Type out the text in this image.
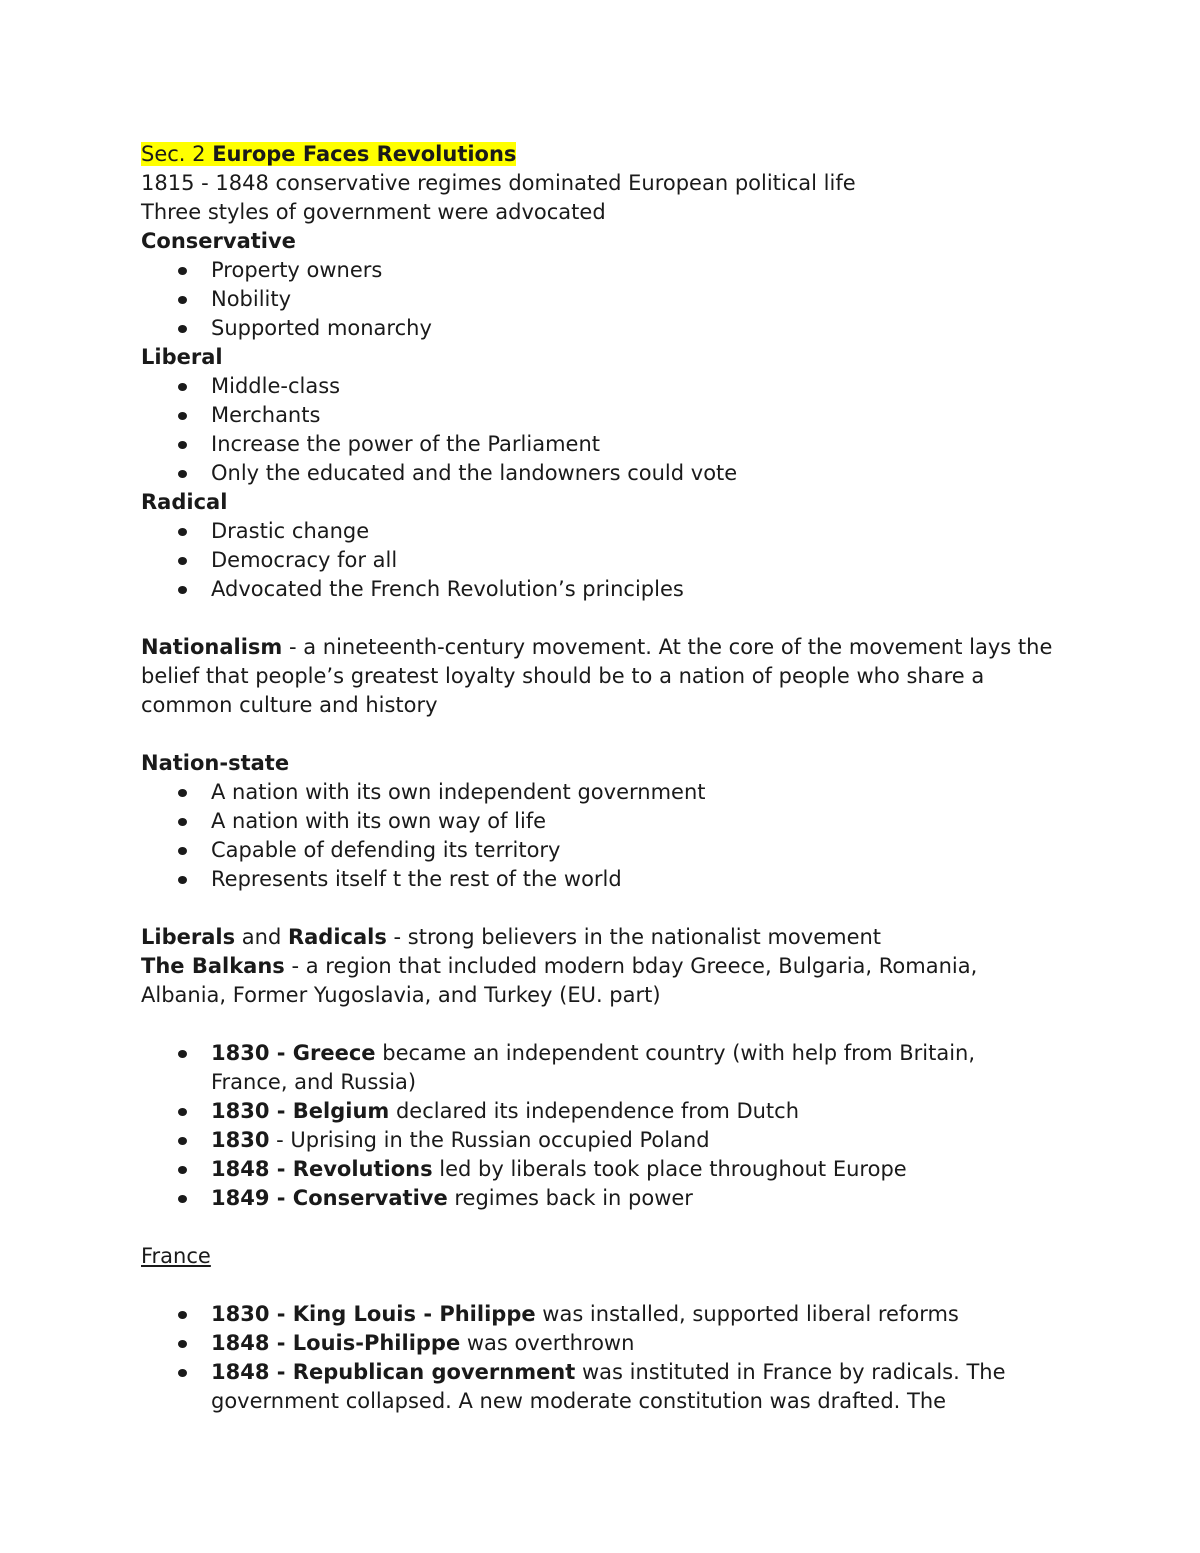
Sec. 2 Europe Faces Revolutions
1815 - 1848 conservative regimes dominated European political life
Three styles of government were advocated
Conservative
Property owners
Nobility
Supported monarchy
Liberal
Middle-class
Merchants
Increase the power of the Parliament
Only the educated and the landowners could vote
Radical
Drastic change
Democracy for all
Advocated the French Revolution’s principles
Nationalism - a nineteenth-century movement. At the core of the movement lays the belief that people’s greatest loyalty should be to a nation of people who share a common culture and history
Nation-state
A nation with its own independent government
A nation with its own way of life
Capable of defending its territory
Represents itself t the rest of the world
Liberals and Radicals - strong believers in the nationalist movement
The Balkans - a region that included modern bday Greece, Bulgaria, Romania, Albania, Former Yugoslavia, and Turkey (EU. part)
1830 - Greece became an independent country (with help from Britain, France, and Russia)
1830 - Belgium declared its independence from Dutch
1830 - Uprising in the Russian occupied Poland
1848 - Revolutions led by liberals took place throughout Europe
1849 - Conservative regimes back in power
France
1830 - King Louis - Philippe was installed, supported liberal reforms
1848 - Louis-Philippe was overthrown
1848 - Republican government was instituted in France by radicals. The government collapsed. A new moderate constitution was drafted. The
